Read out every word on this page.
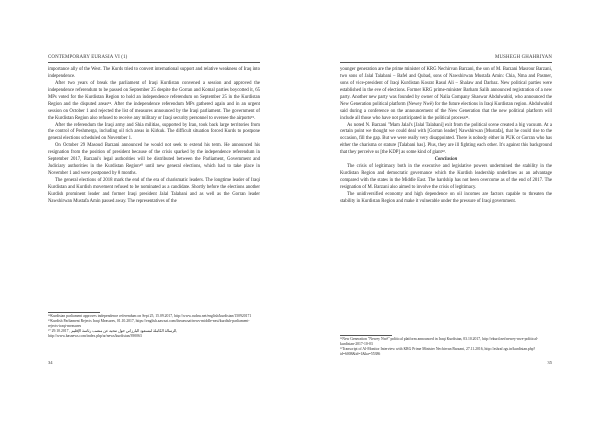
CONTEMPORARY EURASIA VI (1)

importance ally of the West. The Kurds tried to convert international support and relative weakness of Iraq into independence.

After two years of break the parliament of Iraqi Kurdistan convened a session and approved the independence referendum to be passed on September 25 despite the Gorran and Komal parties boycotted it, 65 MPs voted for the Kurdistan Region to hold an independence referendum on September 25 in the Kurdistan Region and the disputed areas¹⁸. After the independence referendum MPs gathered again and in an urgent session on October 1 and rejected the list of measures announced by the Iraqi parliament. The government of the Kurdistan Region also refused to receive any military or Iraqi security personnel to oversee the airports¹⁹.

After the referendum the Iraqi army and Shia militias, supported by Iran, took back large territories from the control of Peshmerga, including oil rich areas in Kirkuk. The difficult situation forced Kurds to postpone general elections scheduled on November 1.

On October 29 Masoud Barzani announced he would not seek to extend his term. He announced his resignation from the position of president because of the crisis sparked by the independence referendum in September 2017, Barzani's legal authorities will be distributed between the Parliament, Government and Judiciary authorities in the Kurdistan Region²⁰ until new general elections, which had to take place in November 1 and were postponed by 8 months.

The general elections of 2018 mark the end of the era of charismatic leaders. The longtime leader of Iraqi Kurdistan and Kurdish movement refused to be nominated as a candidate. Shortly before the elections another Kurdish prominent leader and former Iraqi president Jalal Talabani and as well as the Gorran leader Nawshirwan Mustafa Amin passed away. The representatives of the

¹⁸Kurdistan parliament approves independence referendum on Sept 25, 15.09.2017, http://www.rudaw.net/english/kurdistan/150920171

¹⁹Kurdish Parliament Rejects Iraqi Measures, 01.10.2017, https://english.aawsat.com/theaawsat/news-middle-east/kurdish-parliament-rejects-iraqi-measures

²⁰ الرسالة الكاملة لمسعود البارزاني حول تنحيه عن منصب رئاسة الإقليم , 29.10.2017, http://www.basnews.com/index.php/ar/news/kurdistan/390063

34
MUSHEGH GHAHRIYAN

younger generation are the prime minister of KRG Nechirvan Barzani, the son of M. Barzani Masrour Barzani, two sons of Jalal Talabani – Bafel and Qubad, sons of Nawshirwan Mustafa Amin: Chia, Nma and Pasmer, sons of vice-president of Iraqi Kurdistan Kosrat Rasul Ali – Shalaw and Darbaz. New political parties were established in the eve of elections. Former KRG prime-minister Barham Salih announced registration of a new party. Another new party was founded by owner of Nalia Company Shaswar Abdulwahid, who announced the New Generation political platform (Newey Nwê) for the future elections in Iraqi Kurdistan region. Abdulwahid said during a conference on the announcement of the New Generation that the new political platform will include all those who have not participated in the political process²¹.

As noted N. Barzani "Mam Jalal's [Jalal Talabani] exit from the political scene created a big vacuum. At a certain point we thought we could deal with [Gorran leader] Nawshirwan [Mustafa], that he could rise to the occasion, fill the gap. But we were really very disappointed. There is nobody either in PUK or Gorran who has either the charisma or stature [Talabani has]. Plus, they are ill fighting each other. It's against this background that they perceive us [the KDP] as some kind of giant²².

Conclusion

The crisis of legitimacy both in the executive and legislative powers undermined the stability in the Kurdistan Region and democratic governance which the Kurdish leadership underlines as an advantage compared with the states in the Middle East. The hardship has not been overcome as of the end of 2017. The resignation of M. Barzani also aimed to involve the crisis of legitimacy.

The unidiversified economy and high dependence on oil incomes are factors capable to threaten the stability in Kurdistan Region and make it vulnerable under the pressure of Iraqi government.

²¹New Generation "Newey Nwê" political platform announced in Iraqi Kurdistan, 03.10.2017, http://ekurd.net/newey-nwe-political-kurdistan-2017-10-03

²²Transcript of Al-Monitor Interview with KRG Prime Minister Nechirvan Barzani, 27.11.2016, http://ashraf.rgs.in/kurdistan.php?id=6008&id=1&ka=55386

35
